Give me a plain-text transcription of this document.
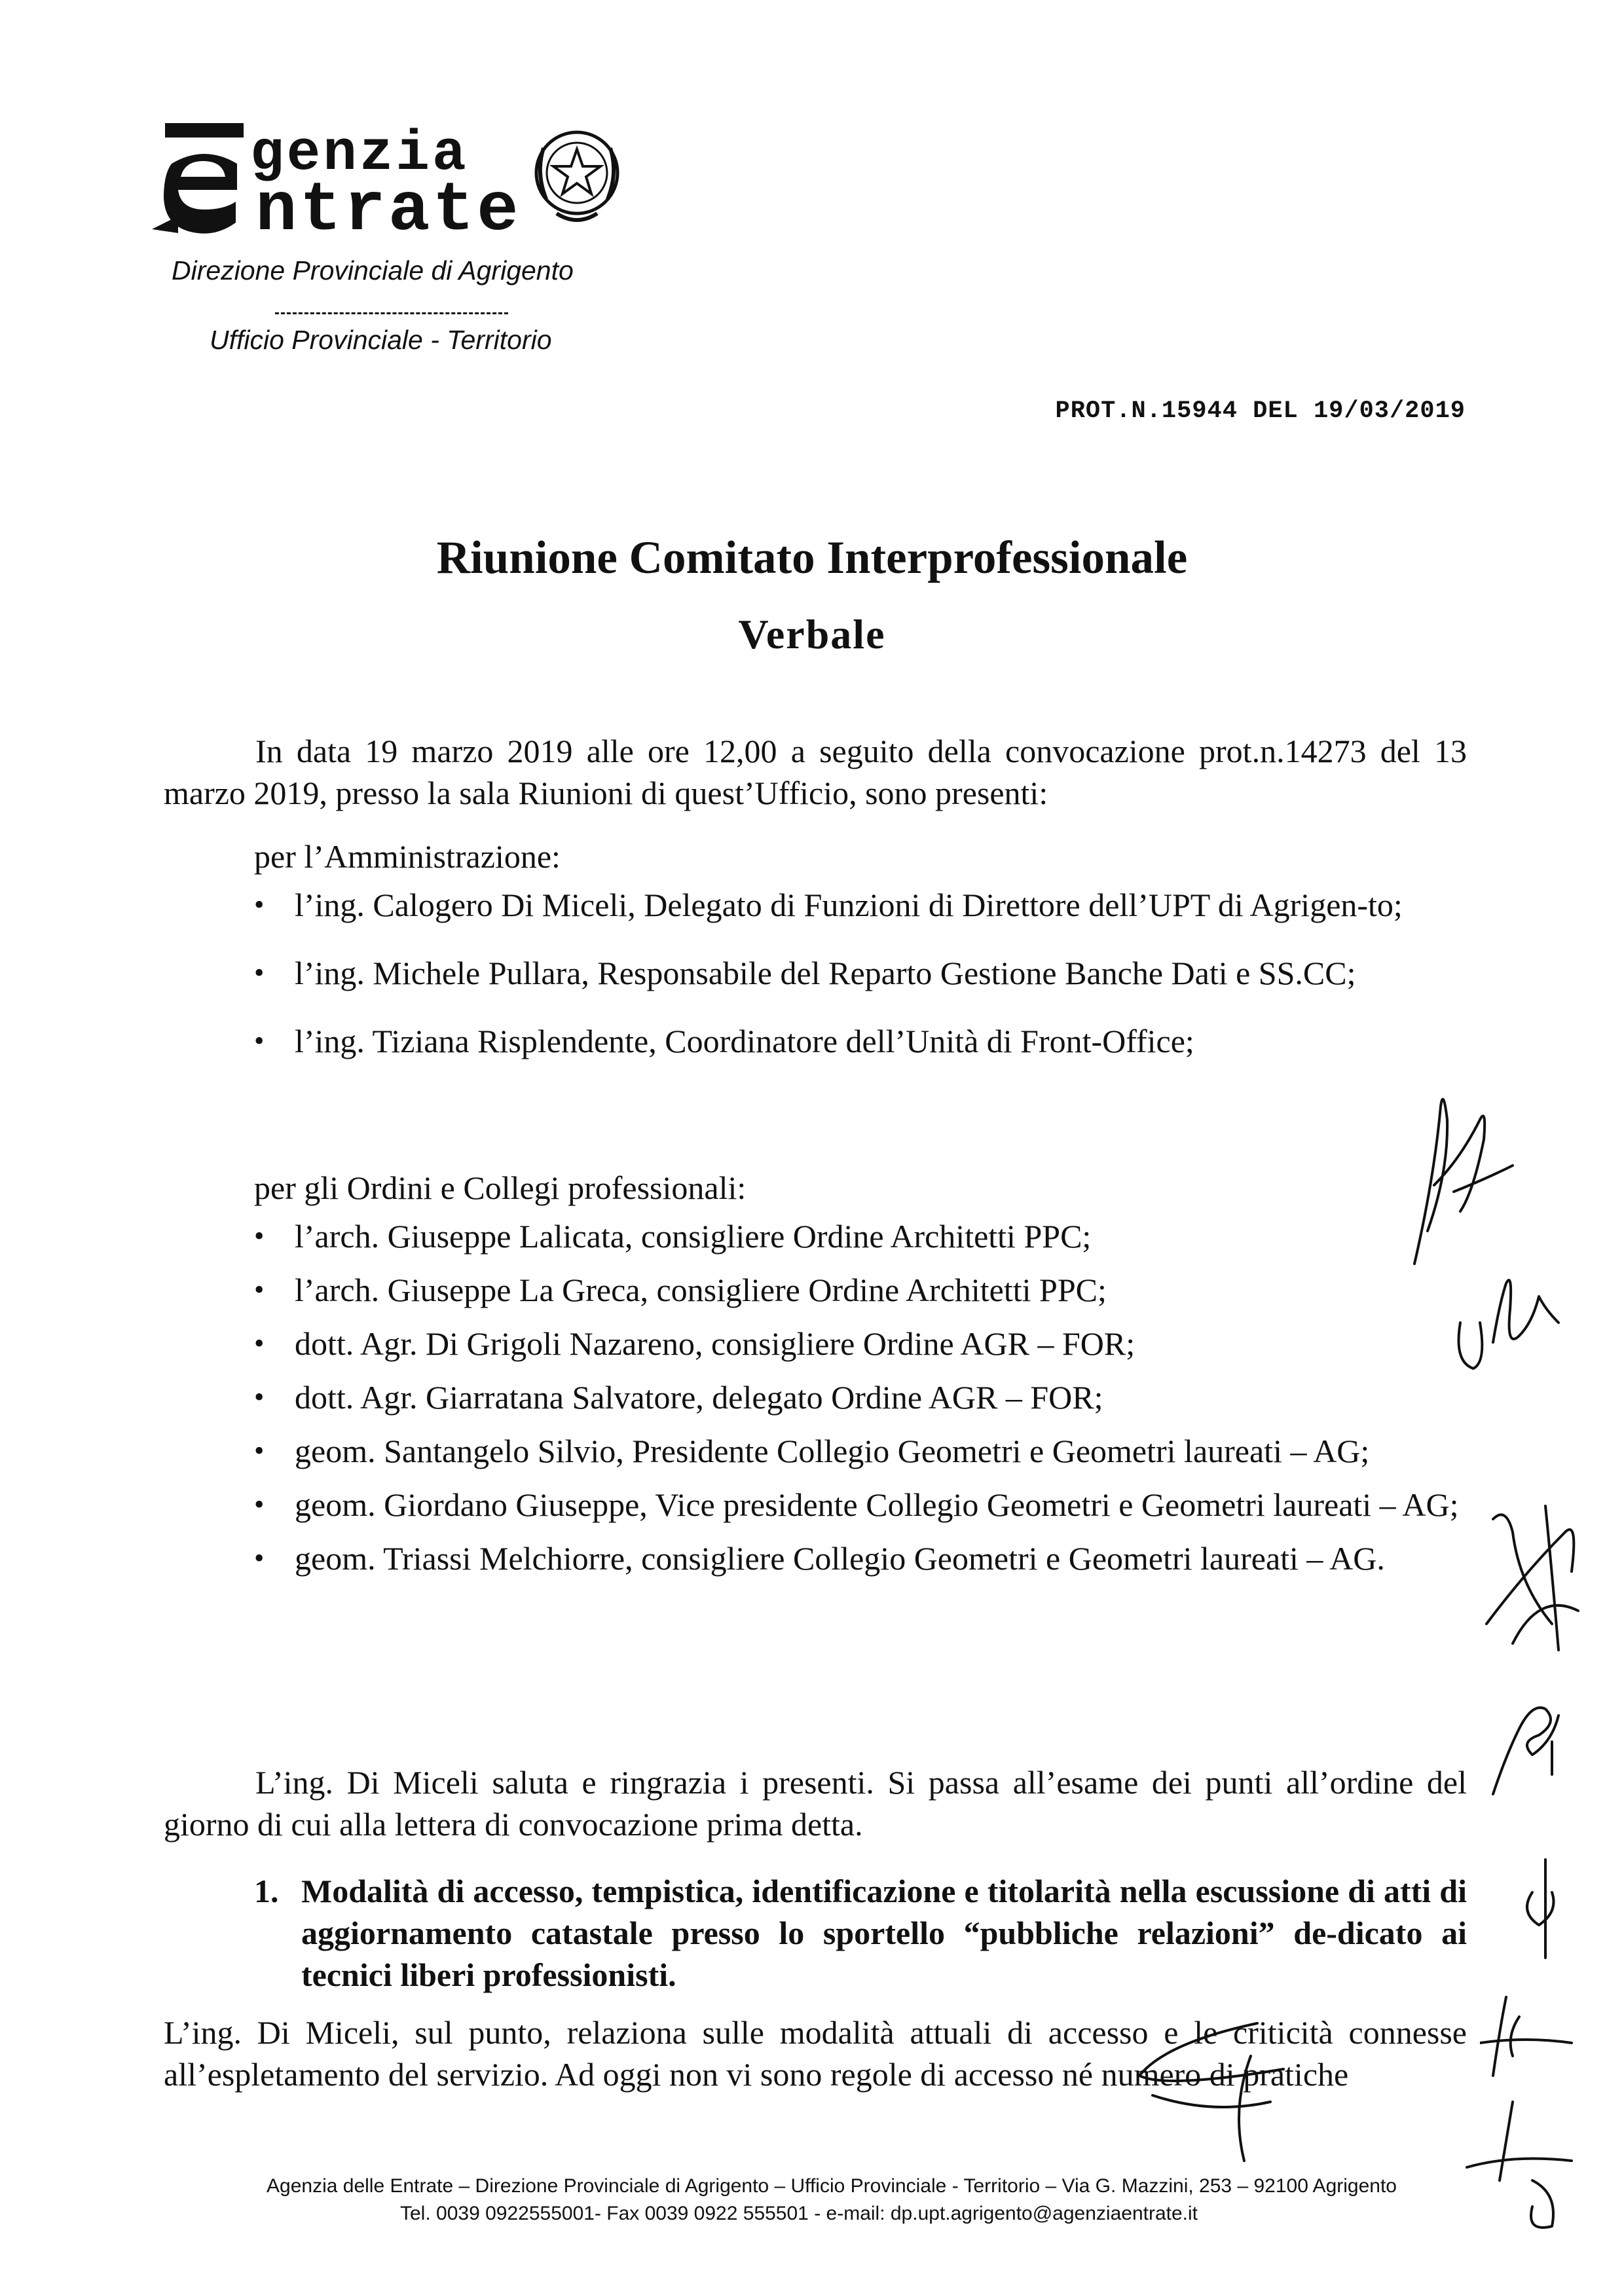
genzia
ntrate
Direzione Provinciale di Agrigento
Ufficio Provinciale - Territorio
PROT.N.15944 DEL 19/03/2019
Riunione Comitato Interprofessionale
Verbale
In data 19 marzo 2019 alle ore 12,00 a seguito della convocazione prot.n.14273 del 13 marzo 2019, presso la sala Riunioni di quest’Ufficio, sono presenti:
per l’Amministrazione:
• l’ing. Calogero Di Miceli, Delegato di Funzioni di Direttore dell’UPT di Agrigen-to;
• l’ing. Michele Pullara, Responsabile del Reparto Gestione Banche Dati e SS.CC;
• l’ing. Tiziana Risplendente, Coordinatore dell’Unità di Front-Office;
per gli Ordini e Collegi professionali:
• l’arch. Giuseppe Lalicata, consigliere Ordine Architetti PPC;
• l’arch. Giuseppe La Greca, consigliere Ordine Architetti PPC;
• dott. Agr. Di Grigoli Nazareno, consigliere Ordine AGR – FOR;
• dott. Agr. Giarratana Salvatore, delegato Ordine AGR – FOR;
• geom. Santangelo Silvio, Presidente Collegio Geometri e Geometri laureati – AG;
• geom. Giordano Giuseppe, Vice presidente Collegio Geometri e Geometri laureati – AG;
• geom. Triassi Melchiorre, consigliere Collegio Geometri e Geometri laureati – AG.
L’ing. Di Miceli saluta e ringrazia i presenti. Si passa all’esame dei punti all’ordine del giorno di cui alla lettera di convocazione prima detta.
1. Modalità di accesso, tempistica, identificazione e titolarità nella escussione di atti di aggiornamento catastale presso lo sportello “pubbliche relazioni” de-dicato ai tecnici liberi professionisti.
L’ing. Di Miceli, sul punto, relaziona sulle modalità attuali di accesso e le criticità connesse all’espletamento del servizio. Ad oggi non vi sono regole di accesso né numero di pratiche
Agenzia delle Entrate – Direzione Provinciale di Agrigento – Ufficio Provinciale - Territorio – Via G. Mazzini, 253 – 92100 Agrigento
Tel. 0039 0922555001- Fax 0039 0922 555501 - e-mail: dp.upt.agrigento@agenziaentrate.it
